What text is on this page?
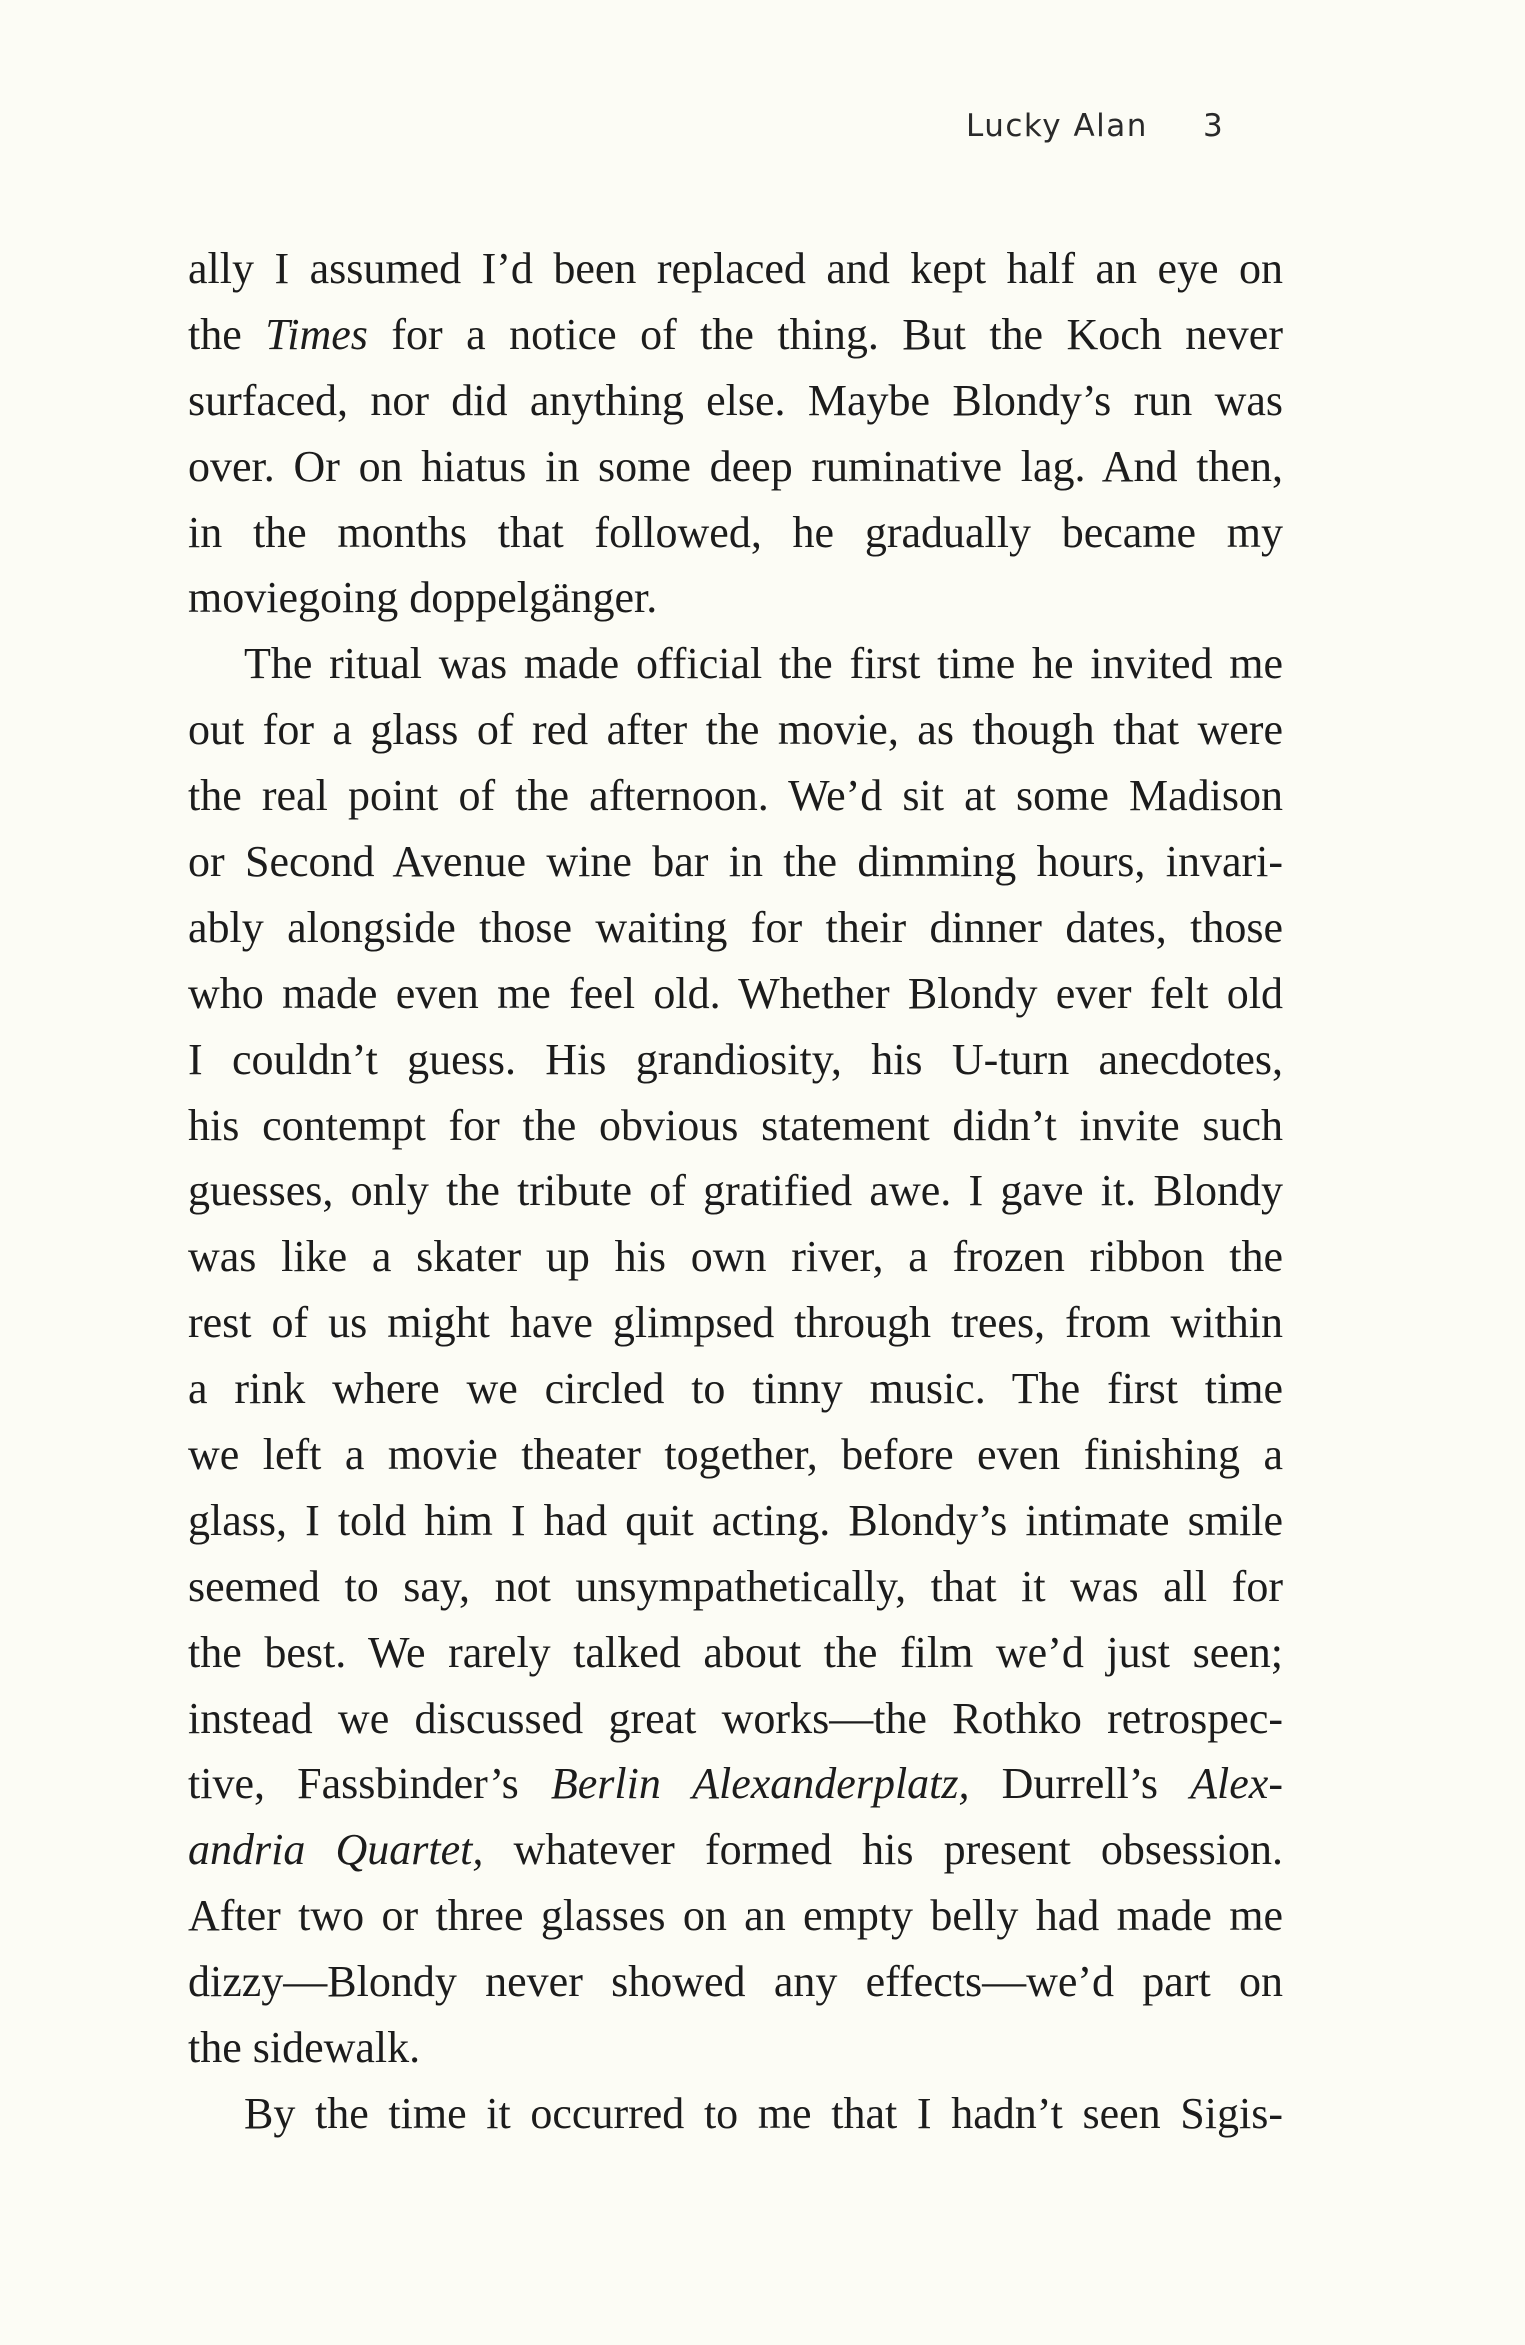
Lucky Alan 3
ally I assumed I’d been replaced and kept half an eye on
the Times for a notice of the thing. But the Koch never
surfaced, nor did anything else. Maybe Blondy’s run was
over. Or on hiatus in some deep ruminative lag. And then,
in the months that followed, he gradually became my
moviegoing doppelgänger.
The ritual was made official the first time he invited me
out for a glass of red after the movie, as though that were
the real point of the afternoon. We’d sit at some Madison
or Second Avenue wine bar in the dimming hours, invari-
ably alongside those waiting for their dinner dates, those
who made even me feel old. Whether Blondy ever felt old
I couldn’t guess. His grandiosity, his U-turn anecdotes,
his contempt for the obvious statement didn’t invite such
guesses, only the tribute of gratified awe. I gave it. Blondy
was like a skater up his own river, a frozen ribbon the
rest of us might have glimpsed through trees, from within
a rink where we circled to tinny music. The first time
we left a movie theater together, before even finishing a
glass, I told him I had quit acting. Blondy’s intimate smile
seemed to say, not unsympathetically, that it was all for
the best. We rarely talked about the film we’d just seen;
instead we discussed great works—the Rothko retrospec-
tive, Fassbinder’s Berlin Alexanderplatz, Durrell’s Alex-
andria Quartet, whatever formed his present obsession.
After two or three glasses on an empty belly had made me
dizzy—Blondy never showed any effects—we’d part on
the sidewalk.
By the time it occurred to me that I hadn’t seen Sigis-
